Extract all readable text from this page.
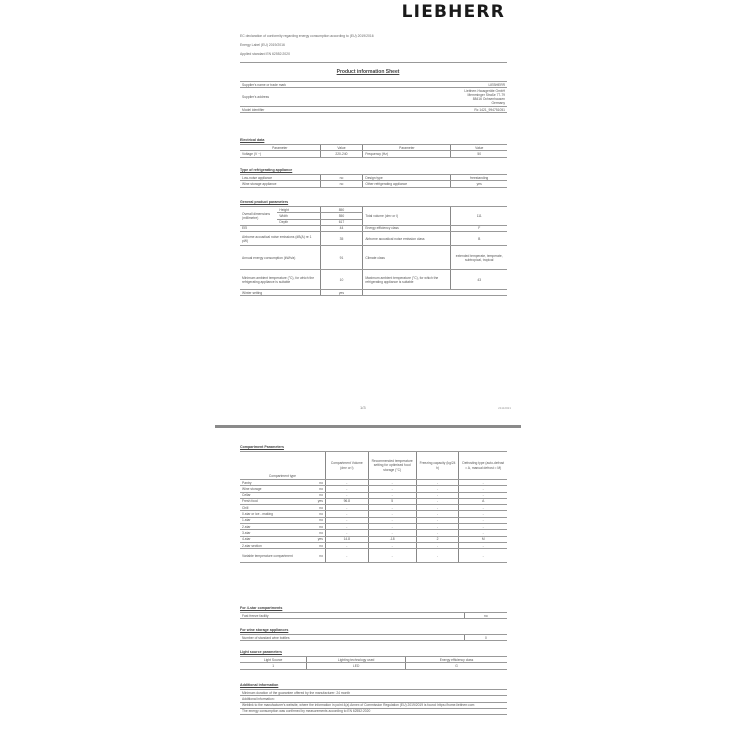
LIEBHERR
EC declaration of conformity regarding energy consumption according to (EU) 2019/2016
Energy Label (EU) 2019/2016
Applied standard EN 62552:2020
Product information Sheet
Supplier's name or trade mark	LIEBHERR
Supplier's address	Liebherr-Hausgeräte GmbH
Memminger Straße 77-79
88416 Ochsenhausen
Germany

Model identifier	Rc 1421_994751051
Electrical data
Parameter	Value	Parameter	Value
Voltage (V ~)	220-240	Frequency (Hz)	50
Type of refrigerating appliance
Low-noise appliance	no	Design type	freestanding
Wine storage appliance	no	Other refrigerating appliance	yes
General product parameters
Overall dimensions (millimetre)	Height	850	Total volume (dm³ or l)	111
	Width	550		
	Depth	617		
EEI		44	Energy efficiency class	F
Airborne acoustical noise emissions (dB(A) re 1 pW)		35	Airborne acoustical noise emission class	B
Annual energy consumption (kWh/a)		91	Climate class	extended temperate, temperate, subtropical, tropical
Minimum ambient temperature (°C), for which the refrigerating appliance is suitable		10	Maximum ambient temperature (°C), for which the refrigerating appliance is suitable	43
Winter setting		yes		
1/3	21112021
Compartment Parameters
Compartment type		Compartment Volume (dm³ or l)	Recommended temperature setting for optimised food storage (°C)	Freezing capacity (kg/24 h)	Defrosting type (auto-defrost = A, manual defrost = M)
Pantry	no	-	-	-	-
Wine storage	no	-	-	-	-
Cellar	no	-	-	-	-
Fresh food	yes	96.8	5	-	A
Chill	no	-	-	-	-
0-star or ice - making	no	-	-	-	-
1-star	no	-	-	-	-
2-star	no	-	-	-	-
3-star	no	-	-	-	-
4-star	yes	14.8	-18	2	M
2-star section	no	-	-	-	-
Variable temperature compartment	no	-	-	-	-
For 4-star compartments
Fast freeze facility	no
For wine storage appliances
Number of standard wine bottles	0
Light source parameters
Light Source	Lighting technology used	Energy efficiency class
1	LED	G
Additional information
Minimum duration of the guarantee offered by the manufacturer: 24 month
Additional information:
Weblink to the manufacturer's website, where the information in point 4(a) Annex of Commission Regulation (EU) 2019/2019 is found: https://home.liebherr.com
The energy consumption was confirmed by measurements according to EN 62552:2020
